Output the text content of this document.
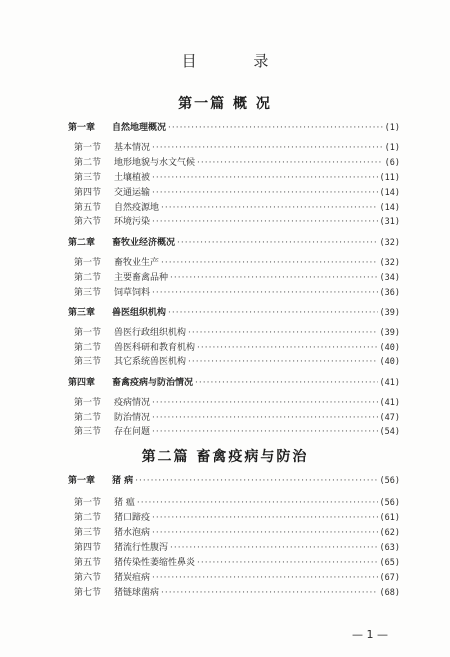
目 录
第一篇 概 况
第一章	自然地理概况 ·····	(1)
第一节	基本情况 ·····	(1)
第二节	地形地貌与水文气候 ·····	(6)
第三节	土壤植被 ·····	(11)
第四节	交通运输 ·····	(14)
第五节	自然疫源地 ·····	(14)
第六节	环境污染 ·····	(31)
第二章	畜牧业经济概况 ·····	(32)
第一节	畜牧业生产 ·····	(32)
第二节	主要畜禽品种 ·····	(34)
第三节	饲草饲料 ·····	(36)
第三章	兽医组织机构 ·····	(39)
第一节	兽医行政组织机构 ·····	(39)
第二节	兽医科研和教育机构 ·····	(40)
第三节	其它系统兽医机构 ·····	(40)
第四章	畜禽疫病与防治情况 ·····	(41)
第一节	疫病情况 ·····	(41)
第二节	防治情况 ·····	(47)
第三节	存在问题 ·····	(54)
第二篇 畜禽疫病与防治
第一章	猪 病 ·····	(56)
第一节	猪 瘟 ·····	(56)
第二节	猪口蹄疫 ·····	(61)
第三节	猪水泡病 ·····	(62)
第四节	猪流行性腹泻 ·····	(63)
第五节	猪传染性萎缩性鼻炎 ·····	(65)
第六节	猪炭疽病 ·····	(67)
第七节	猪链球菌病 ·····	(68)
— 1 —
